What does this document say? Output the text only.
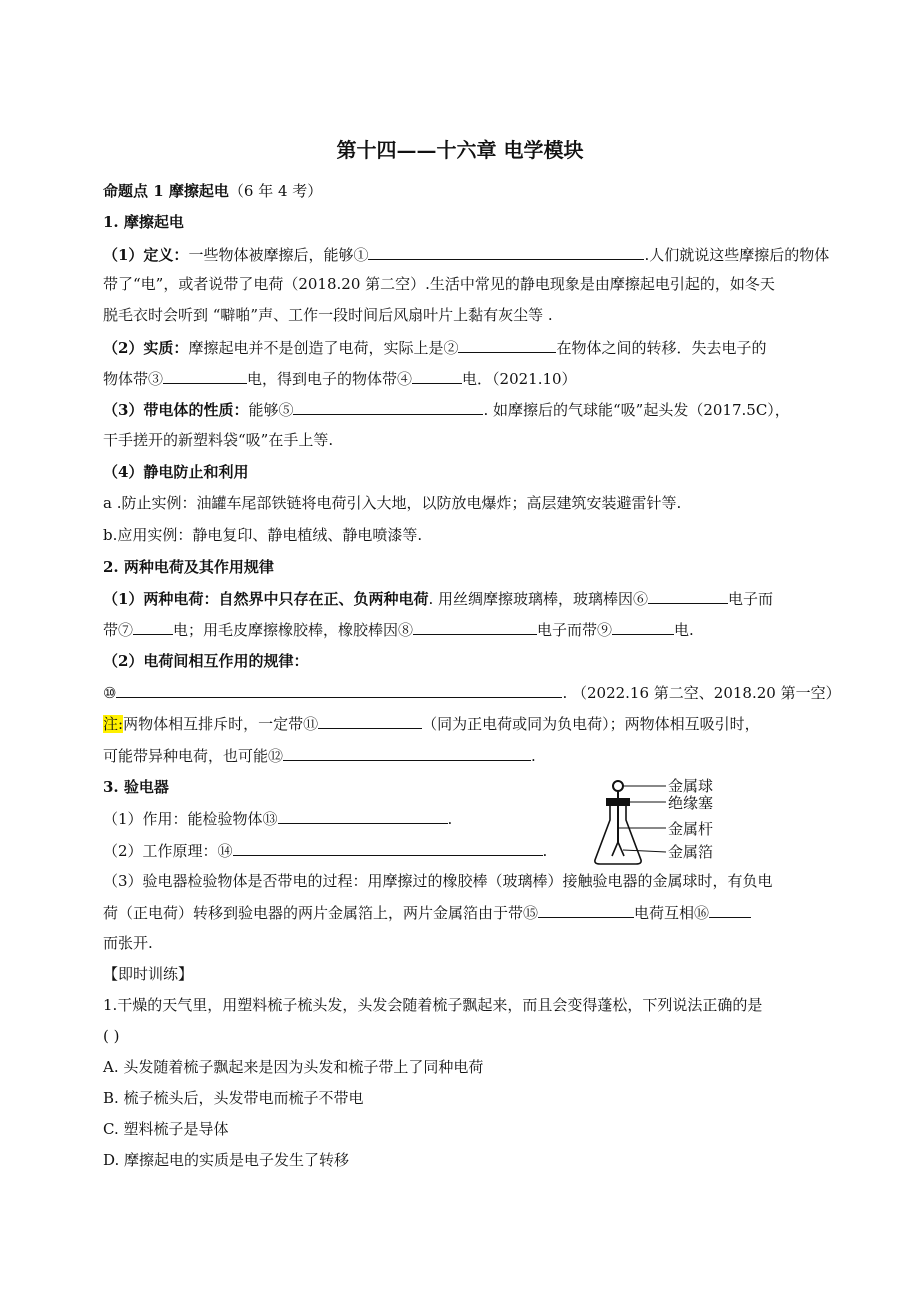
第十四——十六章 电学模块
命题点 1 摩擦起电（6 年 4 考）
1. 摩擦起电
（1）定义：一些物体被摩擦后，能够①	.人们就说这些摩擦后的物体
带了“电”，或者说带了电荷（2018.20 第二空）.生活中常见的静电现象是由摩擦起电引起的，如冬天
脱毛衣时会听到 “噼啪”声、工作一段时间后风扇叶片上黏有灰尘等 .
（2）实质：摩擦起电并不是创造了电荷，实际上是②	在物体之间的转移．失去电子的
物体带③	电，得到电子的物体带④	电．（2021.10）
（3）带电体的性质：能够⑤	. 如摩擦后的气球能“吸”起头发（2017.5C），
干手搓开的新塑料袋“吸”在手上等.
（4）静电防止和利用
a .防止实例：油罐车尾部铁链将电荷引入大地，以防放电爆炸；高层建筑安装避雷针等.
b.应用实例：静电复印、静电植绒、静电喷漆等.
2. 两种电荷及其作用规律
（1）两种电荷：自然界中只存在正、负两种电荷. 用丝绸摩擦玻璃棒，玻璃棒因⑥	电子而
带⑦	电；用毛皮摩擦橡胶棒，橡胶棒因⑧	电子而带⑨	电.
（2）电荷间相互作用的规律：
⑩	. （2022.16 第二空、2018.20 第一空）
注:两物体相互排斥时，一定带⑪	（同为正电荷或同为负电荷）；两物体相互吸引时，
可能带异种电荷，也可能⑫	.
3. 验电器
（1）作用：能检验物体⑬	.
（2）工作原理：⑭	.
金属球
绝缘塞
金属杆
金属箔
（3）验电器检验物体是否带电的过程：用摩擦过的橡胶棒（玻璃棒）接触验电器的金属球时，有负电
荷（正电荷）转移到验电器的两片金属箔上，两片金属箔由于带⑮	电荷互相⑯
而张开.
【即时训练】
1.干燥的天气里，用塑料梳子梳头发，头发会随着梳子飘起来，而且会变得蓬松，下列说法正确的是
( )
A. 头发随着梳子飘起来是因为头发和梳子带上了同种电荷
B. 梳子梳头后，头发带电而梳子不带电
C. 塑料梳子是导体
D. 摩擦起电的实质是电子发生了转移
